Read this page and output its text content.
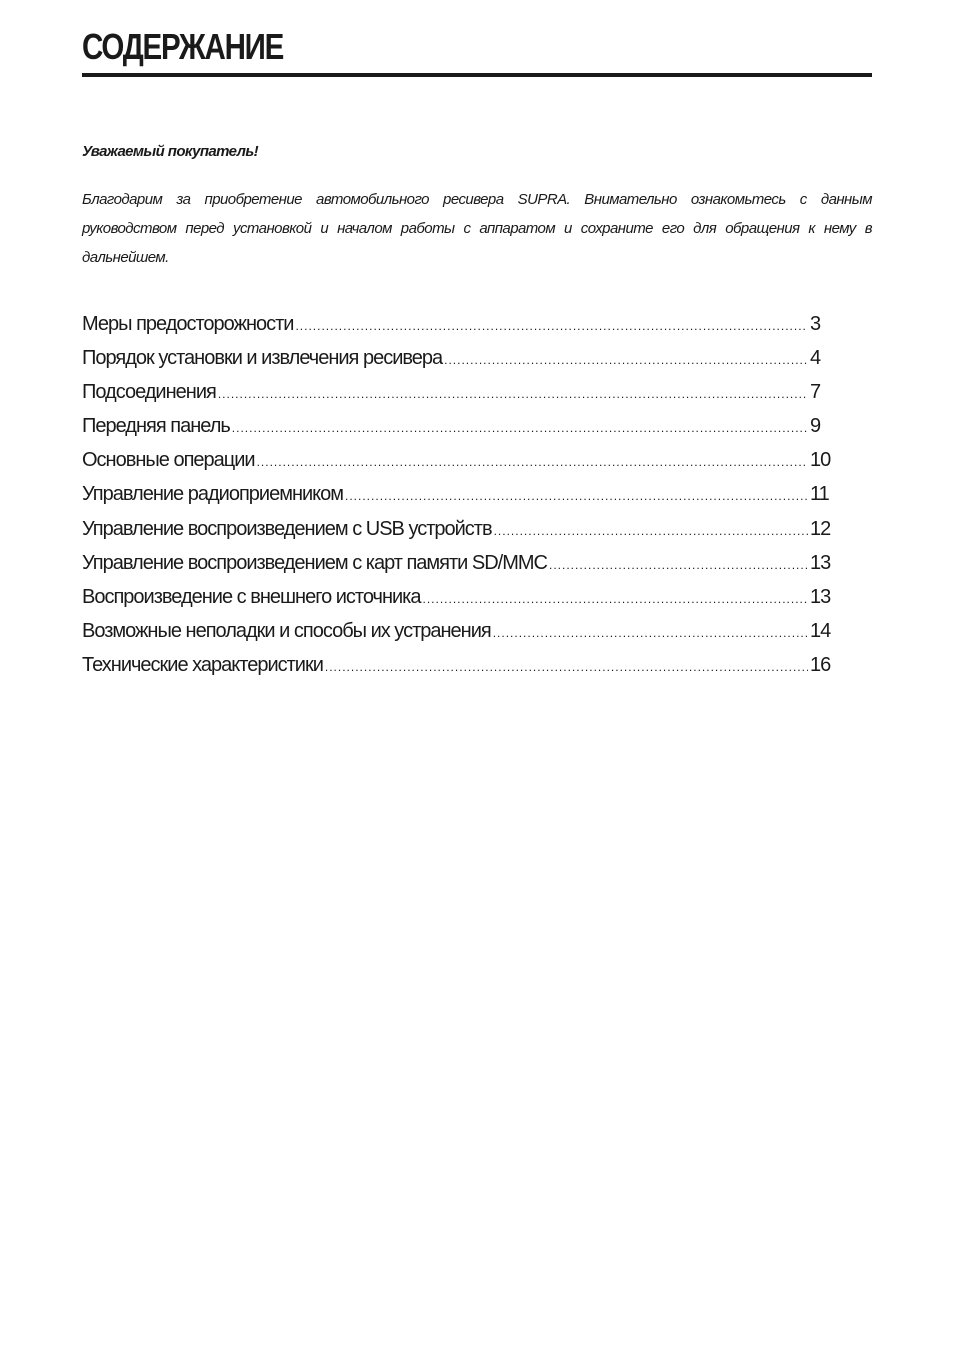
СОДЕРЖАНИЕ
Уважаемый покупатель!

Благодарим за приобретение автомобильного ресивера SUPRA. Внимательно ознакомьтесь с данным руководством перед установкой и началом работы с аппаратом и сохраните его для обращения к нему в дальнейшем.

Меры предосторожности .....	3
Порядок установки и извлечения ресивера .....	4
Подсоединения .....	7
Передняя панель .....	9
Основные операции .....	10
Управление радиоприемником .....	11
Управление воспроизведением с USB устройств .....	12
Управление воспроизведением с карт памяти SD/MMC .....	13
Воспроизведение с внешнего источника .....	13
Возможные неполадки и способы их устранения .....	14
Технические характеристики .....	16
